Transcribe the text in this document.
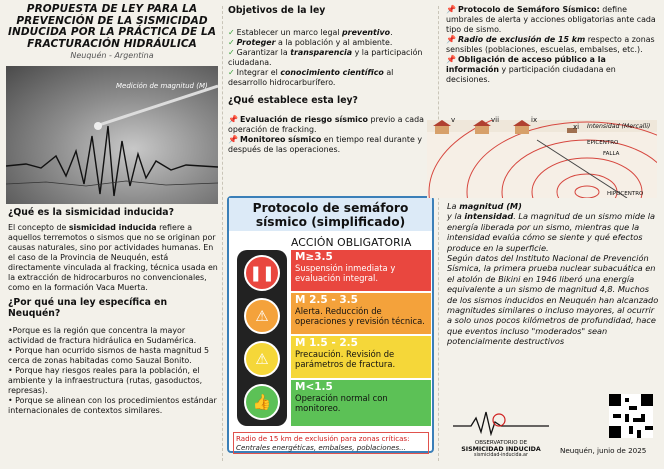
PROPUESTA DE LEY PARA LA
PREVENCIÓN DE LA SISMICIDAD
INDUCIDA POR LA PRÁCTICA DE LA
FRACTURACIÓN HIDRÁULICA
Neuquén - Argentina
Medición de magnitud (M)
¿Qué es la sismicidad inducida?

El concepto de sismicidad inducida refiere a aquellos terremotos o sismos que no se originan por causas naturales, sino por actividades humanas. En el caso de la Provincia de Neuquén, está directamente vinculada al fracking, técnica usada en la extracción de hidrocarburos no convencionales, como en la formación Vaca Muerta.

¿Por qué una ley específica en Neuquén?
•Porque es la región que concentra la mayor actividad de fractura hidráulica en Sudamérica.
• Porque han ocurrido sismos de hasta magnitud 5 cerca de zonas habitadas como Sauzal Bonito.
• Porque hay riesgos reales para la población, el ambiente y la infraestructura (rutas, gasoductos, represas).
• Porque se alinean con los procedimientos estándar internacionales de contextos similares.
Objetivos de la ley

✓ Establecer un marco legal preventivo.

✓ Proteger a la población y al ambiente.

✓ Garantizar la transparencia y la participación ciudadana.

✓ Integrar el conocimiento científico al desarrollo hidrocarburífero.

¿Qué establece esta ley?

📌 Evaluación de riesgo sísmico previo a cada operación de fracking.

📌 Monitoreo sísmico en tiempo real durante y después de las operaciones.

Protocolo de semáforo
sísmico (simplificado)
ACCIÓN OBLIGATORIA
❚❚
⚠
⚠
👍
M≥3.5
Suspensión inmediata y evaluación integral.
M 2.5 - 3.5
Alerta. Reducción de operaciones y revisión técnica.
M 1.5 - 2.5
Precaución. Revisión de parámetros de fractura.
M<1.5
Operación normal con monitoreo.
Radio de 15 km de exclusión para zonas críticas:
Centrales energéticas, embalses, poblaciones...

📌 Protocolo de Semáforo Sísmico: define umbrales de alerta y acciones obligatorias ante cada tipo de sismo.

📌 Radio de exclusión de 15 km respecto a zonas sensibles (poblaciones, escuelas, embalses, etc.).

📌 Obligación de acceso público a la información y participación ciudadana en decisiones.

v	vii	ix
xi Intensidad (Mercalli)
EPICENTRO
FALLA
HIPOCENTRO

La magnitud (M)
y la intensidad. La magnitud de un sismo mide la energía liberada por un sismo, mientras que la intensidad evalúa cómo se siente y qué efectos produce en la superficie.

Según datos del Instituto Nacional de Prevención Sísmica, la primera prueba nuclear subacuática en el atolón de Bikini en 1946 liberó una energía equivalente a un sismo de magnitud 4,8. Muchos de los sismos inducidos en Neuquén han alcanzado magnitudes similares o incluso mayores, al ocurrir a solo unos pocos kilómetros de profundidad, hace que eventos incluso "moderados" sean potencialmente destructivos

OBSERVATORIO DE
SISMICIDAD INDUCIDA
sismicidad-inducida.ar
Neuquén, junio de 2025
